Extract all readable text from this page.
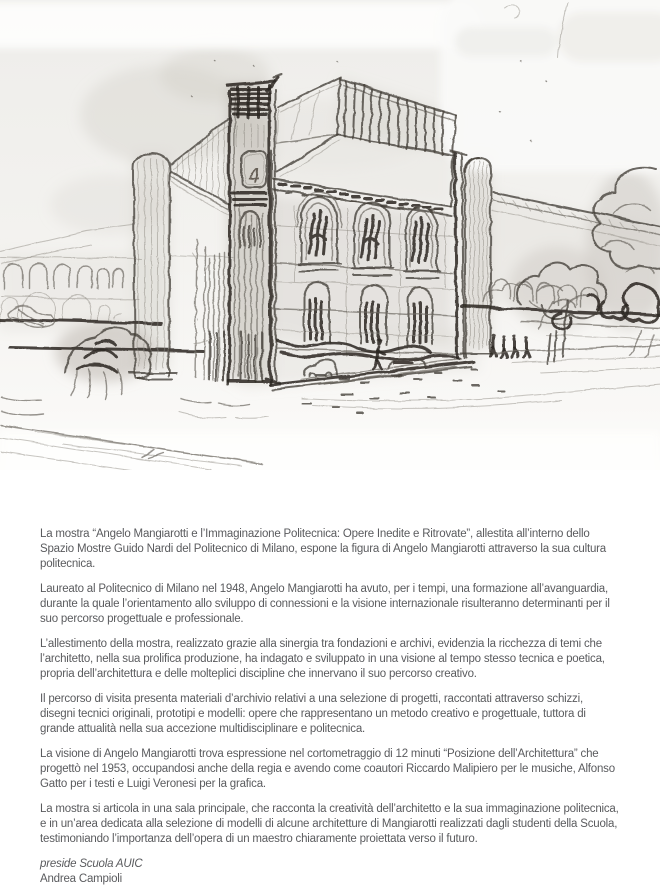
4

La mostra “Angelo Mangiarotti e l’Immaginazione Politecnica: Opere Inedite e Ritrovate”, allestita all’interno dello Spazio Mostre Guido Nardi del Politecnico di Milano, espone la figura di Angelo Mangiarotti attraverso la sua cultura politecnica.

Laureato al Politecnico di Milano nel 1948, Angelo Mangiarotti ha avuto, per i tempi, una formazione all’avanguardia, durante la quale l’orientamento allo sviluppo di connessioni e la visione internazionale risulteranno determinanti per il suo percorso progettuale e professionale.

L’allestimento della mostra, realizzato grazie alla sinergia tra fondazioni e archivi, evidenzia la ricchezza di temi che l’architetto, nella sua prolifica produzione, ha indagato e sviluppato in una visione al tempo stesso tecnica e poetica, propria dell’architettura e delle molteplici discipline che innervano il suo percorso creativo.

Il percorso di visita presenta materiali d’archivio relativi a una selezione di progetti, raccontati attraverso schizzi, disegni tecnici originali, prototipi e modelli: opere che rappresentano un metodo creativo e progettuale, tuttora di grande attualità nella sua accezione multidisciplinare e politecnica.

La visione di Angelo Mangiarotti trova espressione nel cortometraggio di 12 minuti “Posizione dell’Architettura” che progettò nel 1953, occupandosi anche della regia e avendo come coautori Riccardo Malipiero per le musiche, Alfonso Gatto per i testi e Luigi Veronesi per la grafica.

La mostra si articola in una sala principale, che racconta la creatività dell’architetto e la sua immaginazione politecnica, e in un’area dedicata alla selezione di modelli di alcune architetture di Mangiarotti realizzati dagli studenti della Scuola, testimoniando l’importanza dell’opera di un maestro chiaramente proiettata verso il futuro.

preside Scuola AUIC
Andrea Campioli
